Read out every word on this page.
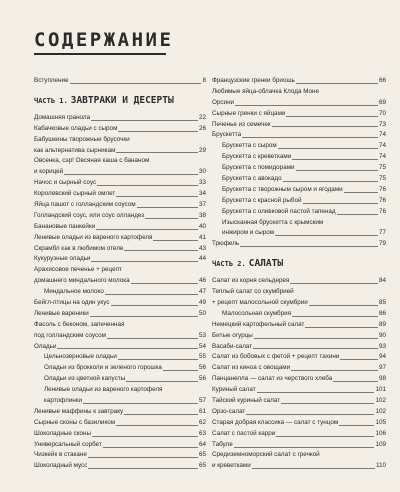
СОДЕРЖАНИЕ
Вступление	8
ЧАСТЬ 1. ЗАВТРАКИ И ДЕСЕРТЫ
Домашняя гранола	22
Кабачковые оладьи с сыром	26
Бабушкины творожные брусочки
как альтернатива сырникам	29
Овсенка, сэр! Овсяная каша с бананом
и корицей	30
Начос и сырный соус	33
Королевский сырный омлет	34
Яйца пашот с голландским соусом	37
Голландский соус, или соус олландез	38
Банановые панкейки	40
Ленивые оладьи из вареного картофеля	41
Скрамбл как в любимом отеле	43
Кукурузные оладьи	44
Арахисовое печенье + рецепт
домашнего миндального молока	46
Миндальное молоко	47
Бейгл-птицы на один укус	49
Ленивые вареники	50
Фасоль с беконом, запеченная
под голландским соусом	53
Оладьи	54
Цельнозерновые оладьи	55
Оладьи из брокколи и зеленого горошка	56
Оладьи из цветной капусты	56
Ленивые оладьи из вареного картофеля
картофлинки	57
Ленивые маффины к завтраку	61
Сырные сконы с базиликом	62
Шоколадные сконы	63
Универсальный сорбет	64
Чизкейк в стакане	65
Шоколадный мусс	65
Французские гренки бриошь	66
Любимые яйца-облачка Клода Моне
Орсини	69
Сырные гренки с яйцами	70
Печенье из семечек	73
Брускетта	74
Брускетта с сыром	74
Брускетта с креветками	74
Брускетта с помидорами	75
Брускетта с авокадо	75
Брускетта с творожным сыром и ягодами	76
Брускетта с красной рыбой	76
Брускетта с оливковой пастой тапенад	76
Изысканная брускетта с крымским
инжиром и сыром	77
Трюфель	79
ЧАСТЬ 2. САЛАТЫ
Салат из корня сельдерея	84
Теплый салат со скумбрией
+ рецепт малосольной скумбрии	85
Малосольная скумбрия	86
Немецкий картофельный салат	89
Битые огурцы	90
Васаби-салат	93
Салат из бобовых с фетой + рецепт тахини	94
Салат из киноа с овощами	97
Панцанелла — салат из черствого хлеба	98
Куриный салат	101
Тайский куриный салат	102
Орзо-салат	102
Старая добрая классика — салат с тунцом	105
Салат с пастой карри	106
Табуле	109
Средиземноморский салат с гречкой
и креветками	110
